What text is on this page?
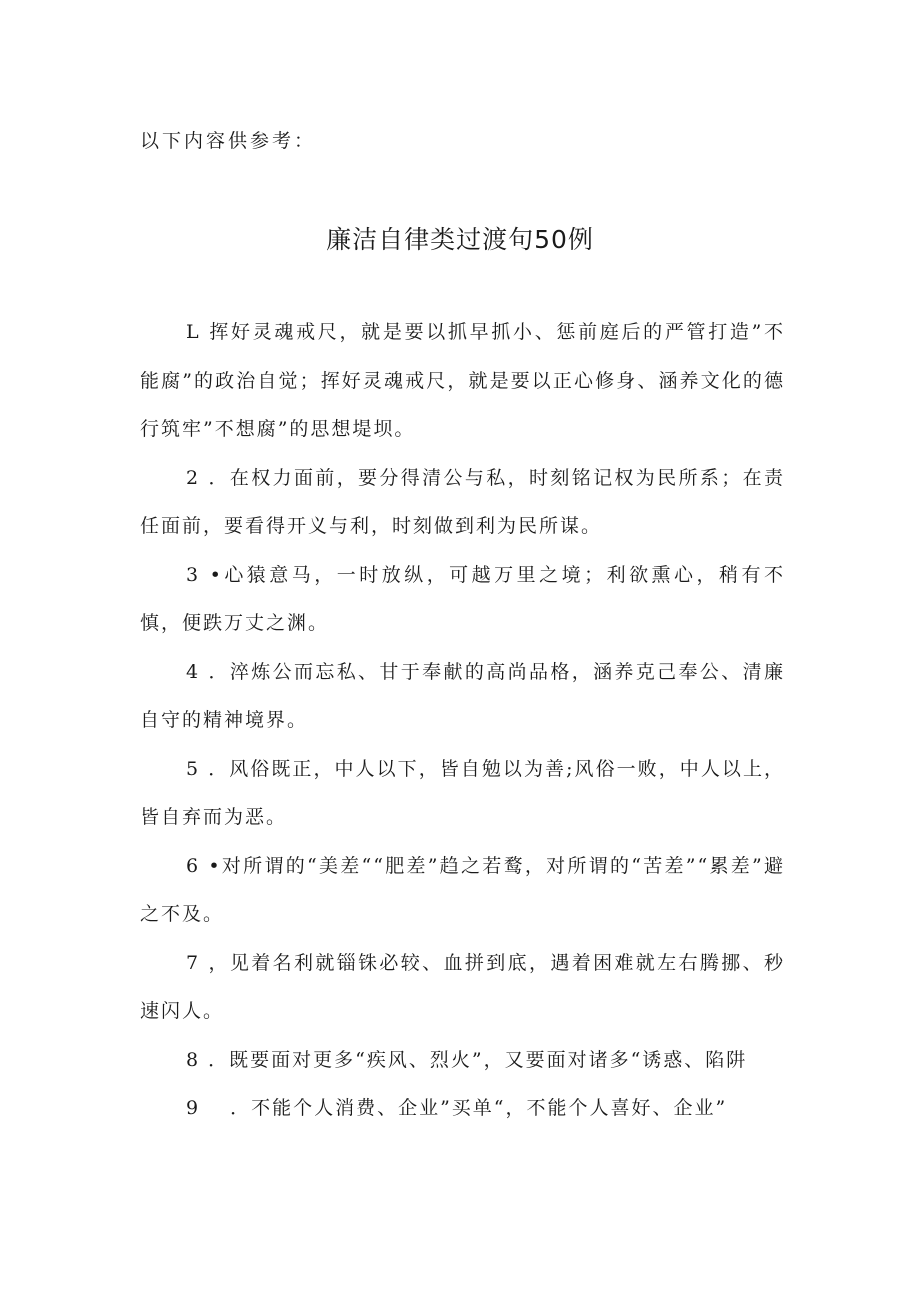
以下内容供参考：
廉洁自律类过渡句50例

L 挥好灵魂戒尺，就是要以抓早抓小、惩前庭后的严管打造”不能腐”的政治自觉；挥好灵魂戒尺，就是要以正心修身、涵养文化的德行筑牢”不想腐”的思想堤坝。

2 ．在权力面前，要分得清公与私，时刻铭记权为民所系；在责任面前，要看得开义与利，时刻做到利为民所谋。

3 •心猿意马，一时放纵，可越万里之境；利欲熏心，稍有不慎，便跌万丈之渊。

4 ．淬炼公而忘私、甘于奉献的高尚品格，涵养克己奉公、清廉自守的精神境界。

5 ．风俗既正，中人以下，皆自勉以为善;风俗一败，中人以上，皆自弃而为恶。

6 •对所谓的“美差““肥差”趋之若鹜，对所谓的“苦差”“累差”避之不及。

7 ，见着名利就锱铢必较、血拼到底，遇着困难就左右腾挪、秒速闪人。

8 ．既要面对更多“疾风、烈火”，又要面对诸多“诱惑、陷阱

9 ．不能个人消费、企业”买单“，不能个人喜好、企业”
